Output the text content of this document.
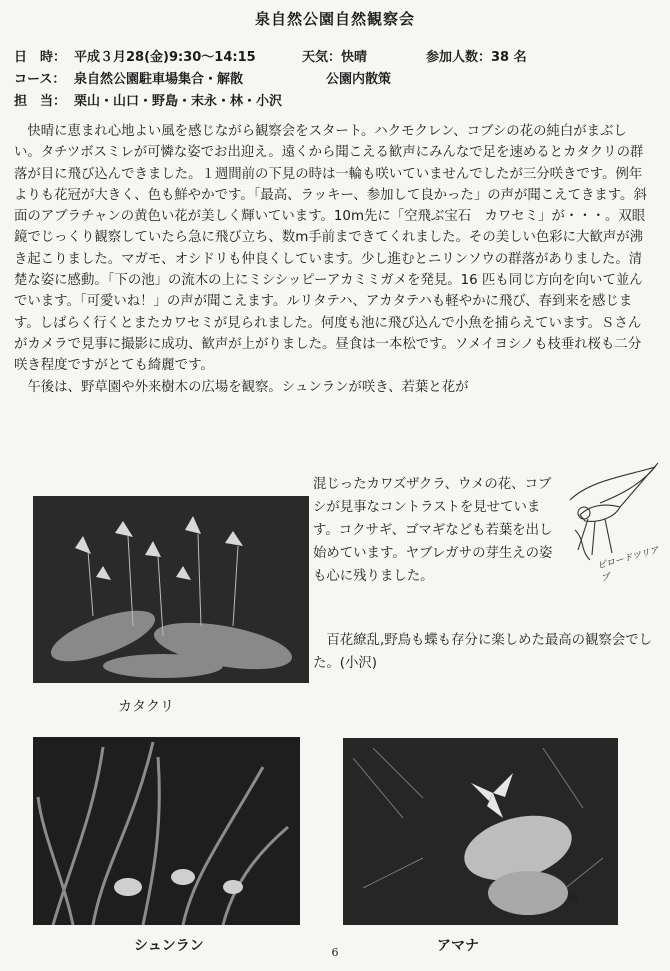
泉自然公園自然観察会
日　時： 平成３月28(金)9:30～14:15	天気：快晴	参加人数：38 名
コース： 泉自然公園駐車場集合・解散	公園内散策
担　当： 栗山・山口・野島・末永・林・小沢

快晴に恵まれ心地よい風を感じながら観察会をスタート。ハクモクレン、コブシの花の純白がまぶしい。タチツボスミレが可憐な姿でお出迎え。遠くから聞こえる歓声にみんなで足を速めるとカタクリの群落が目に飛び込んできました。１週間前の下見の時は一輪も咲いていませんでしたが三分咲きです。例年よりも花冠が大きく、色も鮮やかです。「最高、ラッキー、参加して良かった」の声が聞こえてきます。斜面のアブラチャンの黄色い花が美しく輝いています。10m先に「空飛ぶ宝石　カワセミ」が・・・。双眼鏡でじっくり観察していたら急に飛び立ち、数m手前まできてくれました。その美しい色彩に大歓声が沸き起こりました。マガモ、オシドリも仲良くしています。少し進むとニリンソウの群落がありました。清楚な姿に感動。「下の池」の流木の上にミシシッピーアカミミガメを発見。16 匹も同じ方向を向いて並んでいます。「可愛いね！」の声が聞こえます。ルリタテハ、アカタテハも軽やかに飛び、春到来を感じます。しばらく行くとまたカワセミが見られました。何度も池に飛び込んで小魚を捕らえています。Ｓさんがカメラで見事に撮影に成功、歓声が上がりました。昼食は一本松です。ソメイヨシノも枝垂れ桜も二分咲き程度ですがとても綺麗です。

午後は、野草園や外来樹木の広場を観察。シュンランが咲き、若葉と花が

混じったカワズザクラ、ウメの花、コブシが見事なコントラストを見せています。コクサギ、ゴマギなども若葉を出し始めています。ヤブレガサの芽生えの姿も心に残りました。

百花繚乱,野鳥も蝶も存分に楽しめた最高の観察会でした。(小沢)

ビロードツリアブ
カタクリ
シュンラン	アマナ
6
